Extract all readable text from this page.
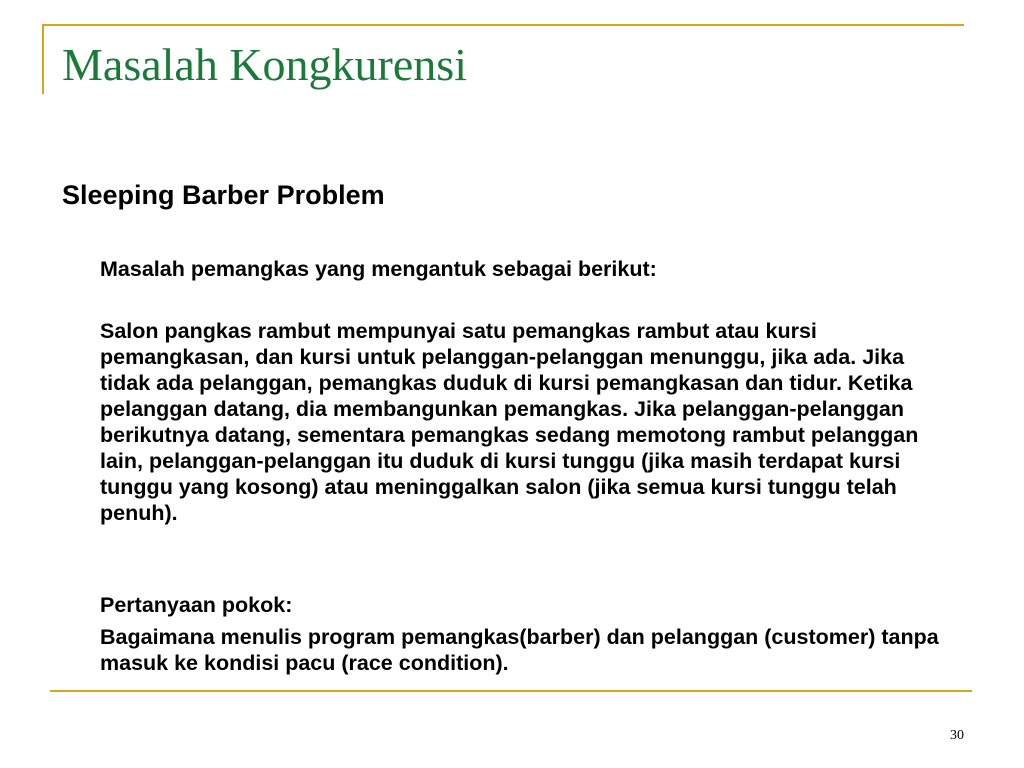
Masalah Kongkurensi
Sleeping Barber Problem

Masalah pemangkas yang mengantuk sebagai berikut:

Salon pangkas rambut mempunyai satu pemangkas rambut atau kursi pemangkasan, dan kursi untuk pelanggan-pelanggan menunggu, jika ada. Jika tidak ada pelanggan, pemangkas duduk di kursi pemangkasan dan tidur. Ketika pelanggan datang, dia membangunkan pemangkas. Jika pelanggan-pelanggan berikutnya datang, sementara pemangkas sedang memotong rambut pelanggan lain, pelanggan-pelanggan itu duduk di kursi tunggu (jika masih terdapat kursi tunggu yang kosong) atau meninggalkan salon (jika semua kursi tunggu telah penuh).

Pertanyaan pokok:

Bagaimana menulis program pemangkas(barber) dan pelanggan (customer) tanpa masuk ke kondisi pacu (race condition).

30
